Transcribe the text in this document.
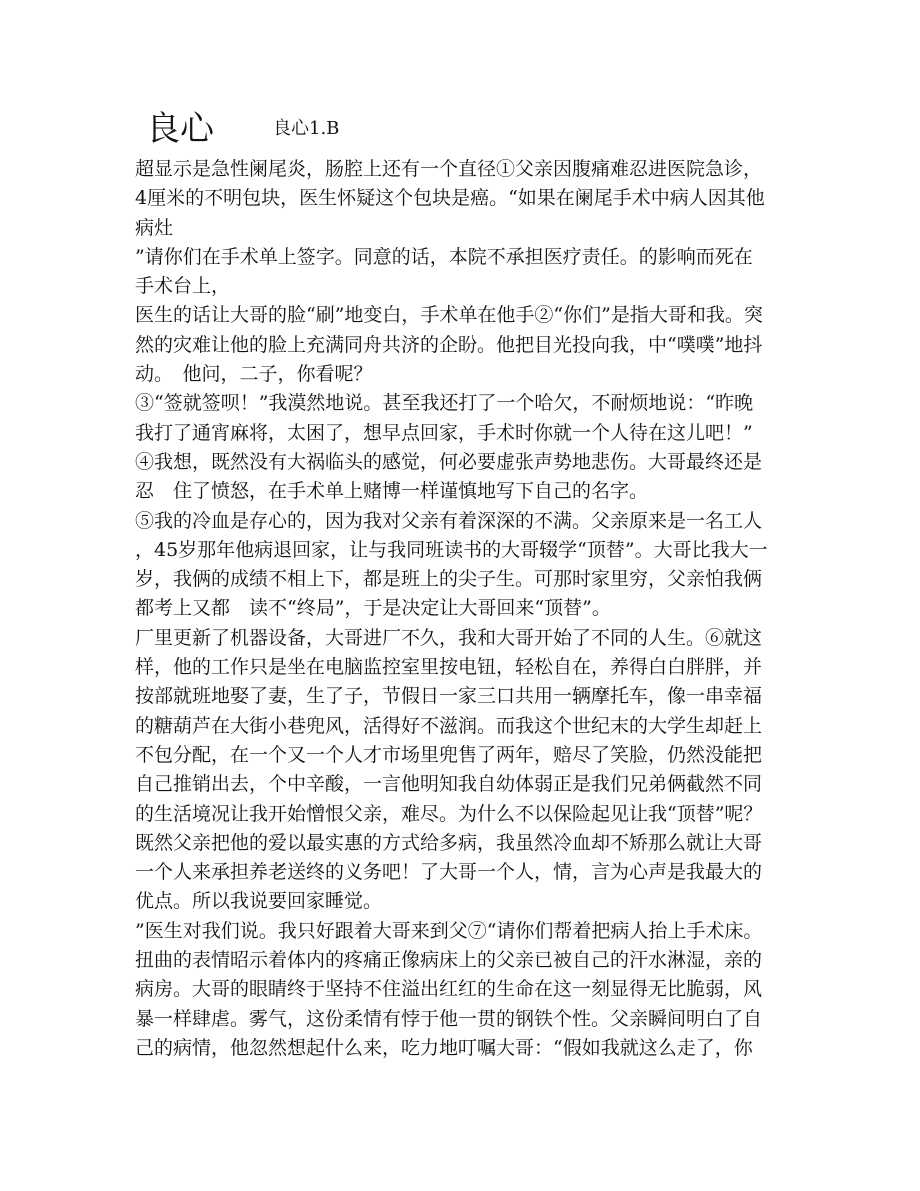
良心	良心1.B
超显示是急性阑尾炎，肠腔上还有一个直径①父亲因腹痛难忍进医院急诊，
4厘米的不明包块，医生怀疑这个包块是癌。“如果在阑尾手术中病人因其他
病灶
”请你们在手术单上签字。同意的话，本院不承担医疗责任。的影响而死在
手术台上，
医生的话让大哥的脸“刷”地变白，手术单在他手②“你们”是指大哥和我。突
然的灾难让他的脸上充满同舟共济的企盼。他把目光投向我，中“噗噗”地抖
动。　他问，二子，你看呢？
③“签就签呗！”我漠然地说。甚至我还打了一个哈欠，不耐烦地说：“昨晚
我打了通宵麻将，太困了，想早点回家，手术时你就一个人待在这儿吧！”
④我想，既然没有大祸临头的感觉，何必要虚张声势地悲伤。大哥最终还是
忍　住了愤怒，在手术单上赌博一样谨慎地写下自己的名字。
⑤我的冷血是存心的，因为我对父亲有着深深的不满。父亲原来是一名工人
，45岁那年他病退回家，让与我同班读书的大哥辍学“顶替”。大哥比我大一
岁，我俩的成绩不相上下，都是班上的尖子生。可那时家里穷，父亲怕我俩
都考上又都　读不“终局”，于是决定让大哥回来“顶替”。
厂里更新了机器设备，大哥进厂不久，我和大哥开始了不同的人生。⑥就这
样，他的工作只是坐在电脑监控室里按电钮，轻松自在，养得白白胖胖，并
按部就班地娶了妻，生了子，节假日一家三口共用一辆摩托车，像一串幸福
的糖葫芦在大街小巷兜风，活得好不滋润。而我这个世纪末的大学生却赶上
不包分配，在一个又一个人才市场里兜售了两年，赔尽了笑脸，仍然没能把
自己推销出去，个中辛酸，一言他明知我自幼体弱正是我们兄弟俩截然不同
的生活境况让我开始憎恨父亲，难尽。为什么不以保险起见让我“顶替”呢？
既然父亲把他的爱以最实惠的方式给多病，我虽然冷血却不矫那么就让大哥
一个人来承担养老送终的义务吧！了大哥一个人，情，言为心声是我最大的
优点。所以我说要回家睡觉。
”医生对我们说。我只好跟着大哥来到父⑦“请你们帮着把病人抬上手术床。
扭曲的表情昭示着体内的疼痛正像病床上的父亲已被自己的汗水淋湿，亲的
病房。大哥的眼睛终于坚持不住溢出红红的生命在这一刻显得无比脆弱，风
暴一样肆虐。雾气，这份柔情有悖于他一贯的钢铁个性。父亲瞬间明白了自
己的病情，他忽然想起什么来，吃力地叮嘱大哥：“假如我就这么走了，你
